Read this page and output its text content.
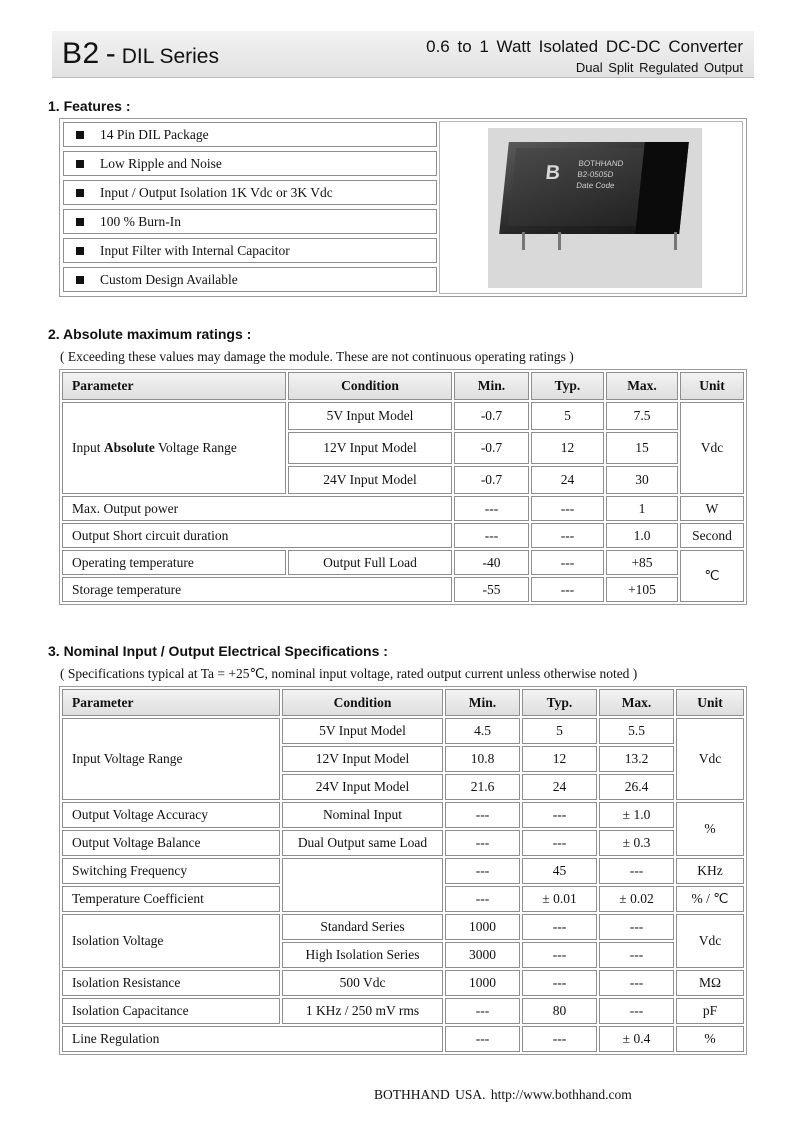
B2 - DIL Series	0.6 to 1 Watt Isolated DC-DC Converter
Dual Split Regulated Output
1. Features :
14 Pin DIL Package
Low Ripple and Noise
Input / Output Isolation 1K Vdc or 3K Vdc
100 % Burn-In
Input Filter with Internal Capacitor
Custom Design Available
B BOTHHAND
B2-0505D
Date Code
2. Absolute maximum ratings :
( Exceeding these values may damage the module. These are not continuous operating ratings )
Parameter	Condition	Min.	Typ.	Max.	Unit
Input Absolute Voltage Range	5V Input Model	-0.7	5	7.5	Vdc
	12V Input Model	-0.7	12	15	
	24V Input Model	-0.7	24	30	
Max. Output power		---	---	1	W
Output Short circuit duration		---	---	1.0	Second
Operating temperature	Output Full Load	-40	---	+85	℃
Storage temperature		-55	---	+105	
3. Nominal Input / Output Electrical Specifications :
( Specifications typical at Ta = +25℃, nominal input voltage, rated output current unless otherwise noted )
Parameter	Condition	Min.	Typ.	Max.	Unit
Input Voltage Range	5V Input Model	4.5	5	5.5	Vdc
	12V Input Model	10.8	12	13.2	
	24V Input Model	21.6	24	26.4	
Output Voltage Accuracy	Nominal Input	---	---	± 1.0	%
Output Voltage Balance	Dual Output same Load	---	---	± 0.3	
Switching Frequency		---	45	---	KHz
Temperature Coefficient		---	± 0.01	± 0.02	% / ℃
Isolation Voltage	Standard Series	1000	---	---	Vdc
	High Isolation Series	3000	---	---	
Isolation Resistance	500 Vdc	1000	---	---	MΩ
Isolation Capacitance	1 KHz / 250 mV rms	---	80	---	pF
Line Regulation		---	---	± 0.4	%
BOTHHAND USA. http://www.bothhand.com
